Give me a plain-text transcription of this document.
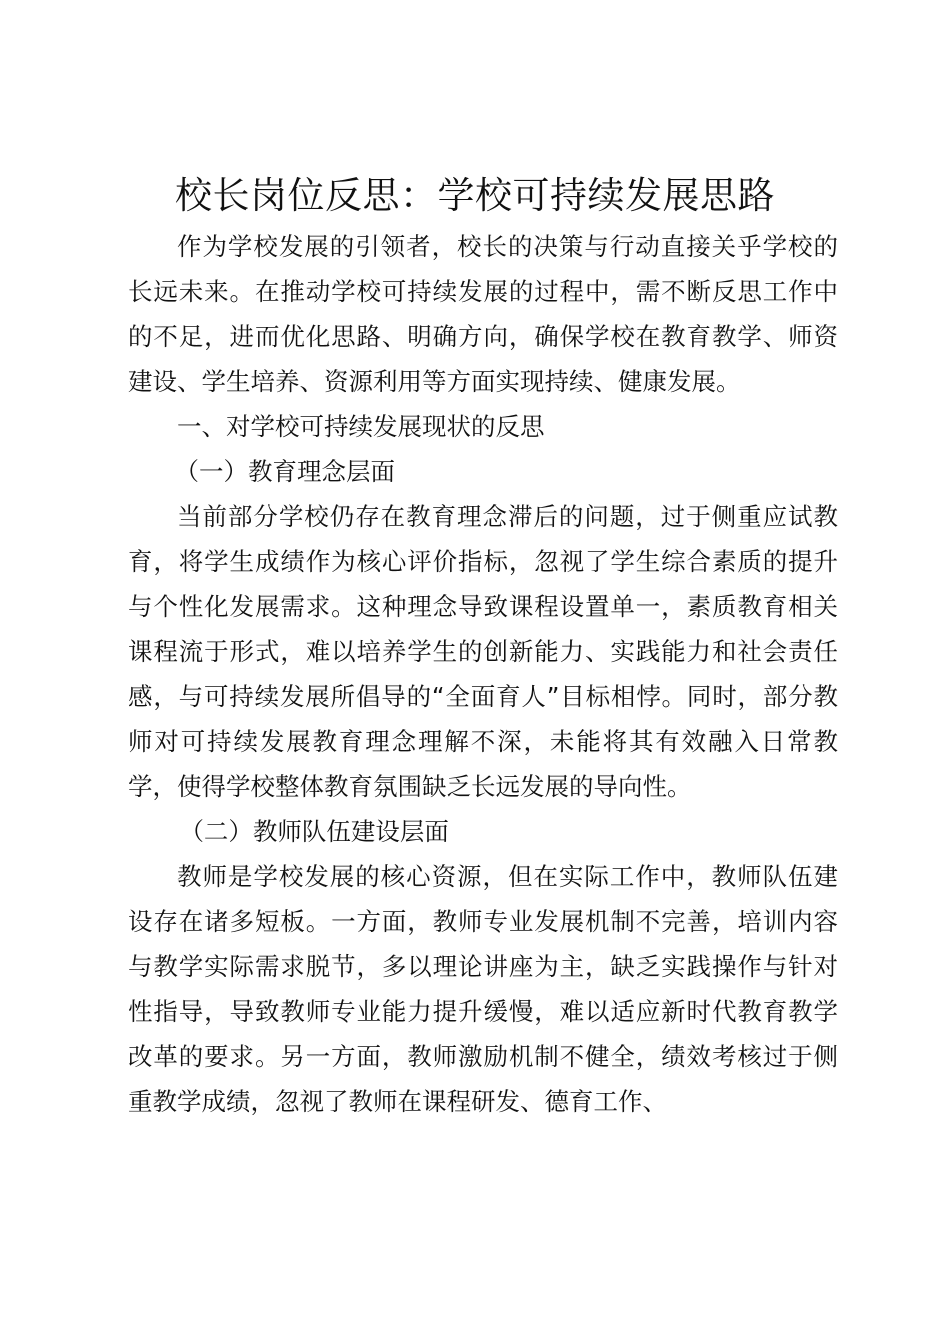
校长岗位反思：学校可持续发展思路

作为学校发展的引领者，校长的决策与行动直接关乎学校的长远未来。在推动学校可持续发展的过程中，需不断反思工作中的不足，进而优化思路、明确方向，确保学校在教育教学、师资建设、学生培养、资源利用等方面实现持续、健康发展。

一、对学校可持续发展现状的反思

（一）教育理念层面

当前部分学校仍存在教育理念滞后的问题，过于侧重应试教育，将学生成绩作为核心评价指标，忽视了学生综合素质的提升与个性化发展需求。这种理念导致课程设置单一，素质教育相关课程流于形式，难以培养学生的创新能力、实践能力和社会责任感，与可持续发展所倡导的“全面育人”目标相悖。同时，部分教师对可持续发展教育理念理解不深，未能将其有效融入日常教学，使得学校整体教育氛围缺乏长远发展的导向性。

（二）教师队伍建设层面

教师是学校发展的核心资源，但在实际工作中，教师队伍建设存在诸多短板。一方面，教师专业发展机制不完善，培训内容与教学实际需求脱节，多以理论讲座为主，缺乏实践操作与针对性指导，导致教师专业能力提升缓慢，难以适应新时代教育教学改革的要求。另一方面，教师激励机制不健全，绩效考核过于侧重教学成绩，忽视了教师在课程研发、德育工作、
